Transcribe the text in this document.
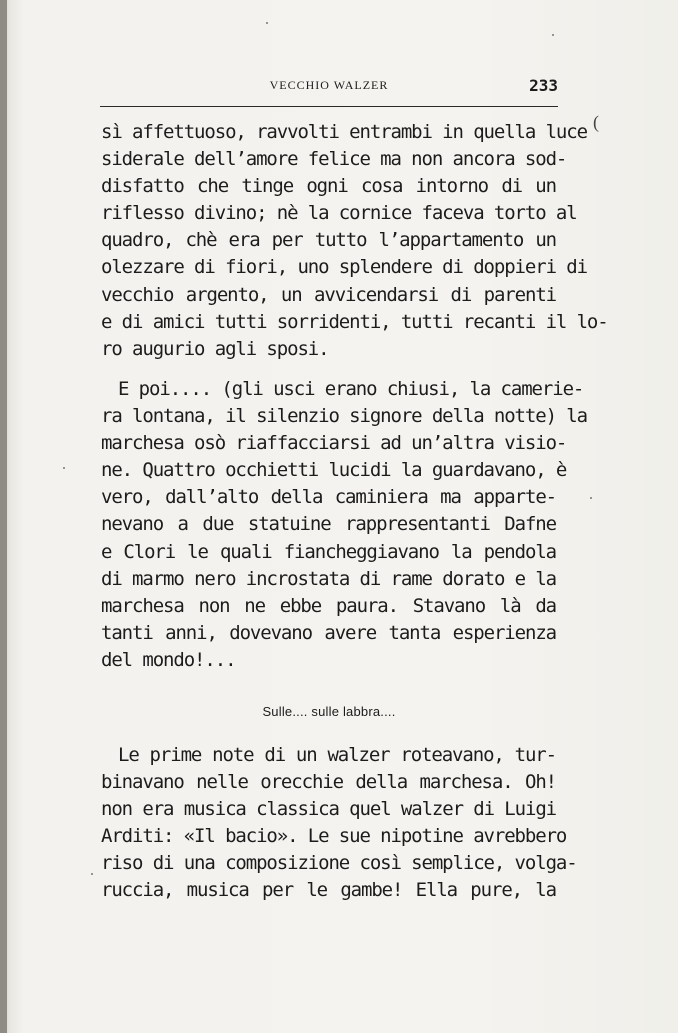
VECCHIO WALZER	233
(

sì affettuoso, ravvolti entrambi in quella luce
siderale dell’amore felice ma non ancora sod-
disfatto che tinge ogni cosa intorno di un
riflesso divino; nè la cornice faceva torto al
quadro, chè era per tutto l’appartamento un
olezzare di fiori, uno splendere di doppieri di
vecchio argento, un avvicendarsi di parenti
e di amici tutti sorridenti, tutti recanti il lo-
ro augurio agli sposi.

E poi.... (gli usci erano chiusi, la camerie-
ra lontana, il silenzio signore della notte) la
marchesa osò riaffacciarsi ad un’altra visio-
ne. Quattro occhietti lucidi la guardavano, è
vero, dall’alto della caminiera ma apparte-
nevano a due statuine rappresentanti Dafne
e Clori le quali fiancheggiavano la pendola
di marmo nero incrostata di rame dorato e la
marchesa non ne ebbe paura. Stavano là da
tanti anni, dovevano avere tanta esperienza
del mondo!...

Sulle.... sulle labbra....

Le prime note di un walzer roteavano, tur-
binavano nelle orecchie della marchesa. Oh!
non era musica classica quel walzer di Luigi
Arditi: «Il bacio». Le sue nipotine avrebbero
riso di una composizione così semplice, volga-
ruccia, musica per le gambe! Ella pure, la
